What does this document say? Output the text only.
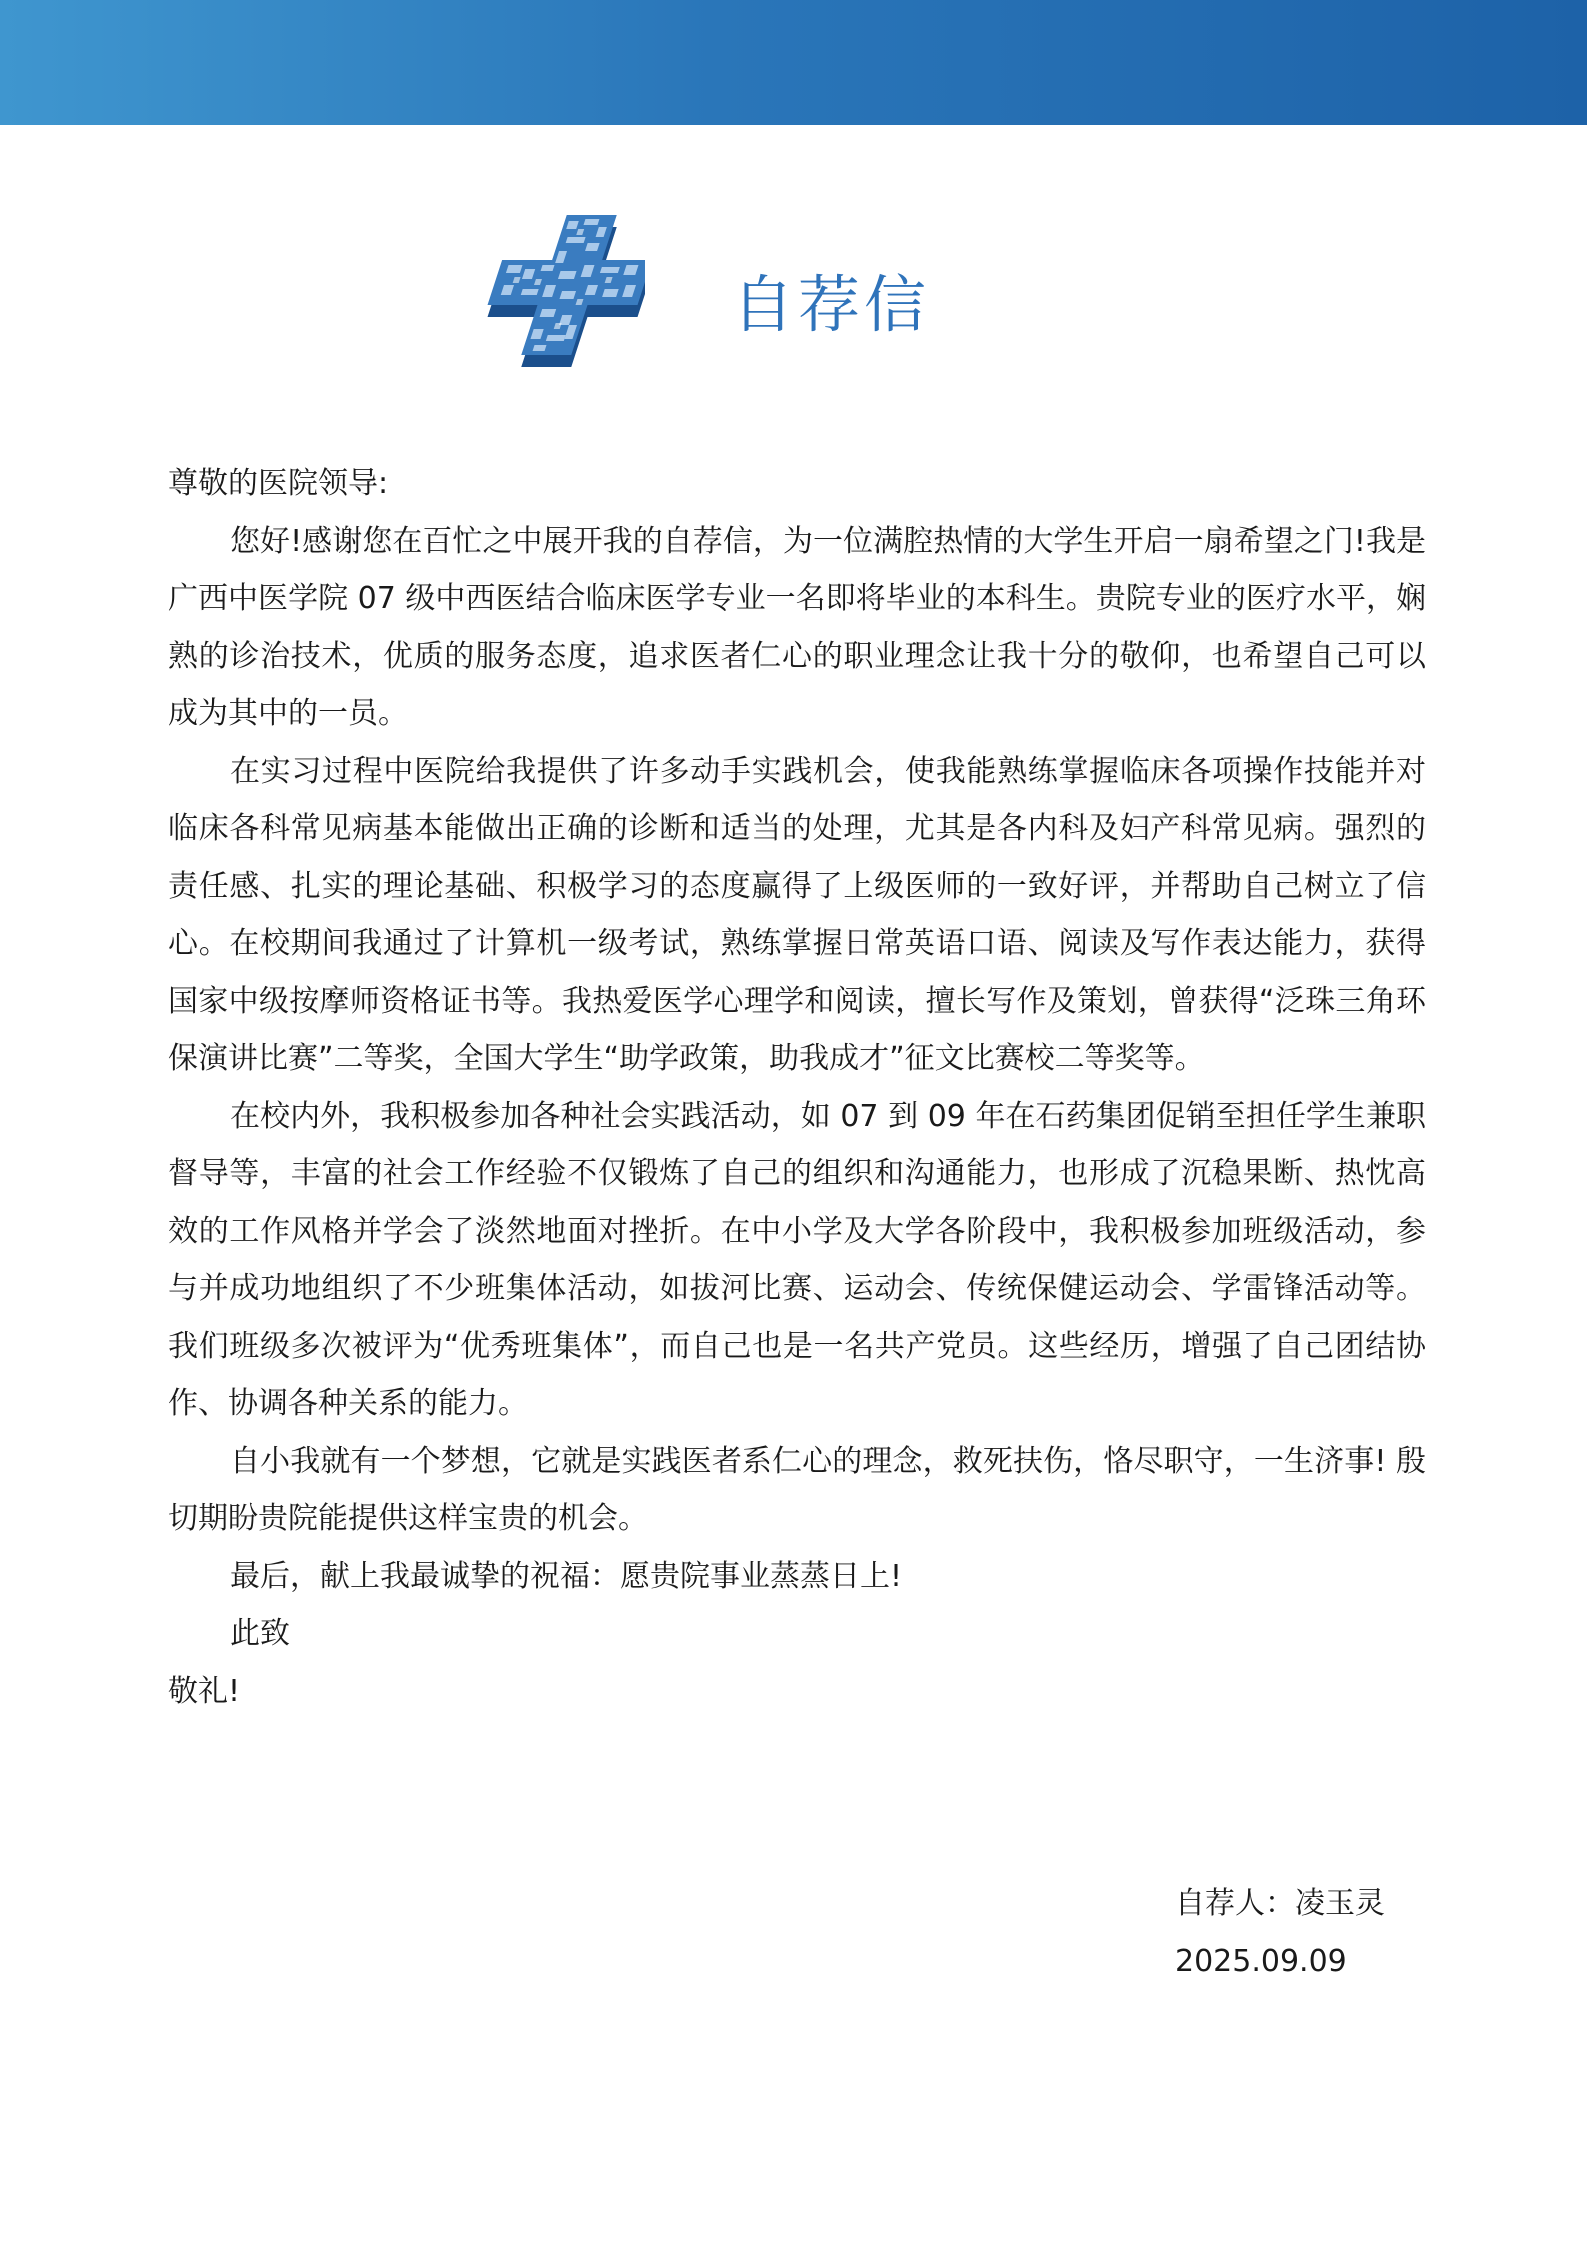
自荐信

尊敬的医院领导:

您好!感谢您在百忙之中展开我的自荐信，为一位满腔热情的大学生开启一扇希望之门!我是广西中医学院 07 级中西医结合临床医学专业一名即将毕业的本科生。贵院专业的医疗水平，娴熟的诊治技术，优质的服务态度，追求医者仁心的职业理念让我十分的敬仰，也希望自己可以成为其中的一员。

在实习过程中医院给我提供了许多动手实践机会，使我能熟练掌握临床各项操作技能并对临床各科常见病基本能做出正确的诊断和适当的处理，尤其是各内科及妇产科常见病。强烈的责任感、扎实的理论基础、积极学习的态度赢得了上级医师的一致好评，并帮助自己树立了信心。在校期间我通过了计算机一级考试，熟练掌握日常英语口语、阅读及写作表达能力，获得国家中级按摩师资格证书等。我热爱医学心理学和阅读，擅长写作及策划，曾获得“泛珠三角环保演讲比赛”二等奖，全国大学生“助学政策，助我成才”征文比赛校二等奖等。

在校内外，我积极参加各种社会实践活动，如 07 到 09 年在石药集团促销至担任学生兼职督导等，丰富的社会工作经验不仅锻炼了自己的组织和沟通能力，也形成了沉稳果断、热忱高效的工作风格并学会了淡然地面对挫折。在中小学及大学各阶段中，我积极参加班级活动，参与并成功地组织了不少班集体活动，如拔河比赛、运动会、传统保健运动会、学雷锋活动等。我们班级多次被评为“优秀班集体”，而自己也是一名共产党员。这些经历，增强了自己团结协作、协调各种关系的能力。

自小我就有一个梦想，它就是实践医者系仁心的理念，救死扶伤，恪尽职守，一生济事! 殷切期盼贵院能提供这样宝贵的机会。

最后，献上我最诚挚的祝福：愿贵院事业蒸蒸日上!

此致

敬礼!

自荐人：凌玉灵
2025.09.09
